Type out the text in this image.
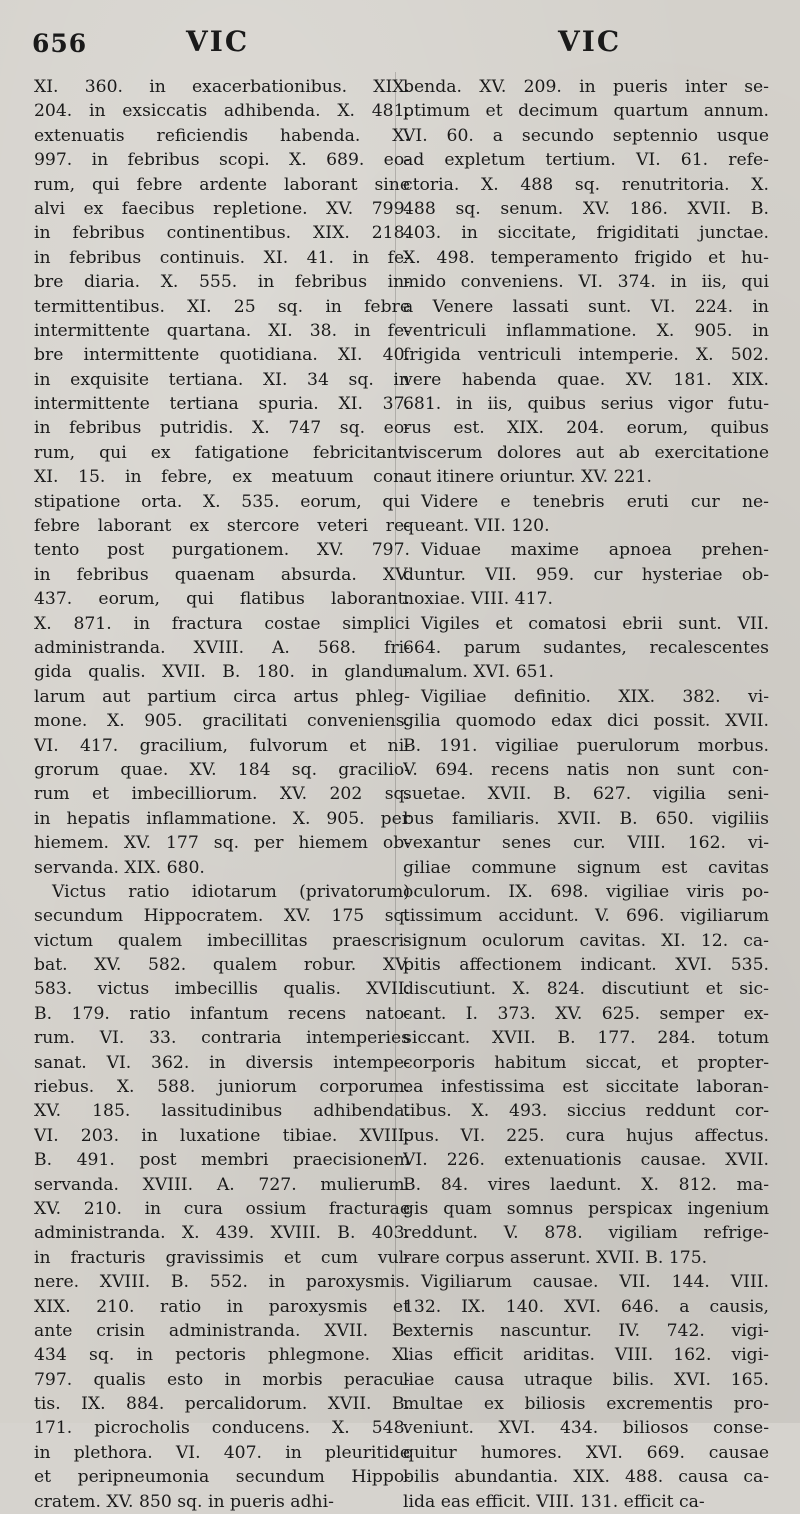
656	VIC	VIC
XI. 360. in exacerbationibus. XIX.
204. in exsiccatis adhibenda. X. 481.
extenuatis reficiendis habenda. X.
997. in febribus scopi. X. 689. eo-
rum, qui febre ardente laborant sine
alvi ex faecibus repletione. XV. 799.
in febribus continentibus. XIX. 218.
in febribus continuis. XI. 41. in fe-
bre diaria. X. 555. in febribus in-
termittentibus. XI. 25 sq. in febre
intermittente quartana. XI. 38. in fe-
bre intermittente quotidiana. XI. 40.
in exquisite tertiana. XI. 34 sq. in
intermittente tertiana spuria. XI. 37.
in febribus putridis. X. 747 sq. eo-
rum, qui ex fatigatione febricitant.
XI. 15. in febre, ex meatuum con-
stipatione orta. X. 535. eorum, qui
febre laborant ex stercore veteri re-
tento post purgationem. XV. 797.
in febribus quaenam absurda. XV.
437. eorum, qui flatibus laborant.
X. 871. in fractura costae simplici
administranda. XVIII. A. 568. fri-
gida qualis. XVII. B. 180. in glandu-
larum aut partium circa artus phleg-
mone. X. 905. gracilitati conveniens.
VI. 417. gracilium, fulvorum et ni-
grorum quae. XV. 184 sq. gracilio-
rum et imbecilliorum. XV. 202 sq.
in hepatis inflammatione. X. 905. per
hiemem. XV. 177 sq. per hiemem ob-
servanda. XIX. 680.
Victus ratio idiotarum (privatorum)
secundum Hippocratem. XV. 175 sq.
victum qualem imbecillitas praescri-
bat. XV. 582. qualem robur. XV.
583. victus imbecillis qualis. XVII.
B. 179. ratio infantum recens nato-
rum. VI. 33. contraria intemperies
sanat. VI. 362. in diversis intempe-
riebus. X. 588. juniorum corporum.
XV. 185. lassitudinibus adhibenda.
VI. 203. in luxatione tibiae. XVIII.
B. 491. post membri praecisionem
servanda. XVIII. A. 727. mulierum.
XV. 210. in cura ossium fracturae
administranda. X. 439. XVIII. B. 403.
in fracturis gravissimis et cum vul-
nere. XVIII. B. 552. in paroxysmis.
XIX. 210. ratio in paroxysmis et
ante crisin administranda. XVII. B.
434 sq. in pectoris phlegmone. X.
797. qualis esto in morbis peracu-
tis. IX. 884. percalidorum. XVII. B.
171. picrocholis conducens. X. 548.
in plethora. VI. 407. in pleuritide
et peripneumonia secundum Hippo-
cratem. XV. 850 sq. in pueris adhi-
benda. XV. 209. in pueris inter se-
ptimum et decimum quartum annum.
VI. 60. a secundo septennio usque
ad expletum tertium. VI. 61. refe-
ctoria. X. 488 sq. renutritoria. X.
488 sq. senum. XV. 186. XVII. B.
403. in siccitate, frigiditati junctae.
X. 498. temperamento frigido et hu-
mido conveniens. VI. 374. in iis, qui
a Venere lassati sunt. VI. 224. in
ventriculi inflammatione. X. 905. in
frigida ventriculi intemperie. X. 502.
vere habenda quae. XV. 181. XIX.
681. in iis, quibus serius vigor futu-
rus est. XIX. 204. eorum, quibus
viscerum dolores aut ab exercitatione
aut itinere oriuntur. XV. 221.
Videre e tenebris eruti cur ne-
queant. VII. 120.
Viduae maxime apnoea prehen-
duntur. VII. 959. cur hysteriae ob-
noxiae. VIII. 417.
Vigiles et comatosi ebrii sunt. VII.
664. parum sudantes, recalescentes
malum. XVI. 651.
Vigiliae definitio. XIX. 382. vi-
gilia quomodo edax dici possit. XVII.
B. 191. vigiliae puerulorum morbus.
V. 694. recens natis non sunt con-
suetae. XVII. B. 627. vigilia seni-
bus familiaris. XVII. B. 650. vigiliis
vexantur senes cur. VIII. 162. vi-
giliae commune signum est cavitas
oculorum. IX. 698. vigiliae viris po-
tissimum accidunt. V. 696. vigiliarum
signum oculorum cavitas. XI. 12. ca-
pitis affectionem indicant. XVI. 535.
discutiunt. X. 824. discutiunt et sic-
cant. I. 373. XV. 625. semper ex-
siccant. XVII. B. 177. 284. totum
corporis habitum siccat, et propter-
ea infestissima est siccitate laboran-
tibus. X. 493. siccius reddunt cor-
pus. VI. 225. cura hujus affectus.
VI. 226. extenuationis causae. XVII.
B. 84. vires laedunt. X. 812. ma-
gis quam somnus perspicax ingenium
reddunt. V. 878. vigiliam refrige-
rare corpus asserunt. XVII. B. 175.
Vigiliarum causae. VII. 144. VIII.
132. IX. 140. XVI. 646. a causis,
externis nascuntur. IV. 742. vigi-
lias efficit ariditas. VIII. 162. vigi-
liae causa utraque bilis. XVI. 165.
multae ex biliosis excrementis pro-
veniunt. XVI. 434. biliosos conse-
quitur humores. XVI. 669. causae
bilis abundantia. XIX. 488. causa ca-
lida eas efficit. VIII. 131. efficit ca-
